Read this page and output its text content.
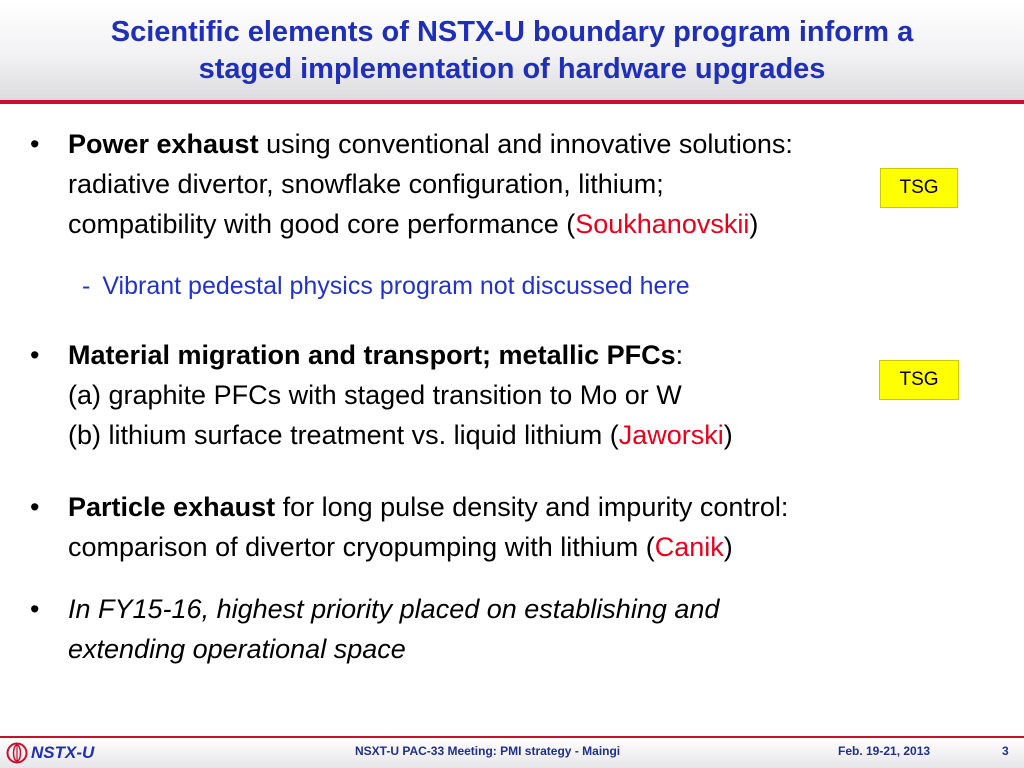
Scientific elements of NSTX-U boundary program inform a
staged implementation of hardware upgrades
• Power exhaust using conventional and innovative solutions:
radiative divertor, snowflake configuration, lithium;
compatibility with good core performance (Soukhanovskii)
TSG
- Vibrant pedestal physics program not discussed here
• Material migration and transport; metallic PFCs:
(a) graphite PFCs with staged transition to Mo or W
(b) lithium surface treatment vs. liquid lithium (Jaworski)
TSG
• Particle exhaust for long pulse density and impurity control:
comparison of divertor cryopumping with lithium (Canik)
• In FY15-16, highest priority placed on establishing and
extending operational space
NSTX-U	NSXT-U PAC-33 Meeting: PMI strategy - Maingi	Feb. 19-21, 2013	3
